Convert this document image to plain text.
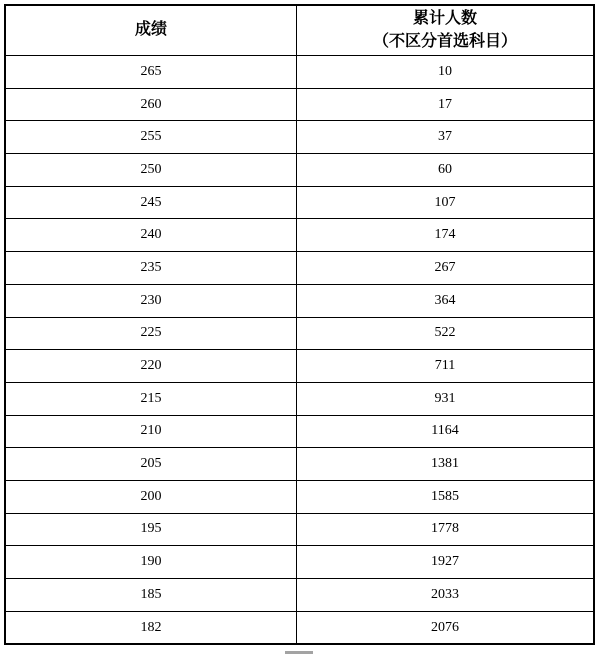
成绩	累计人数
（不区分首选科目）

265	10
260	17
255	37
250	60
245	107
240	174
235	267
230	364
225	522
220	711
215	931
210	1164
205	1381
200	1585
195	1778
190	1927
185	2033
182	2076
